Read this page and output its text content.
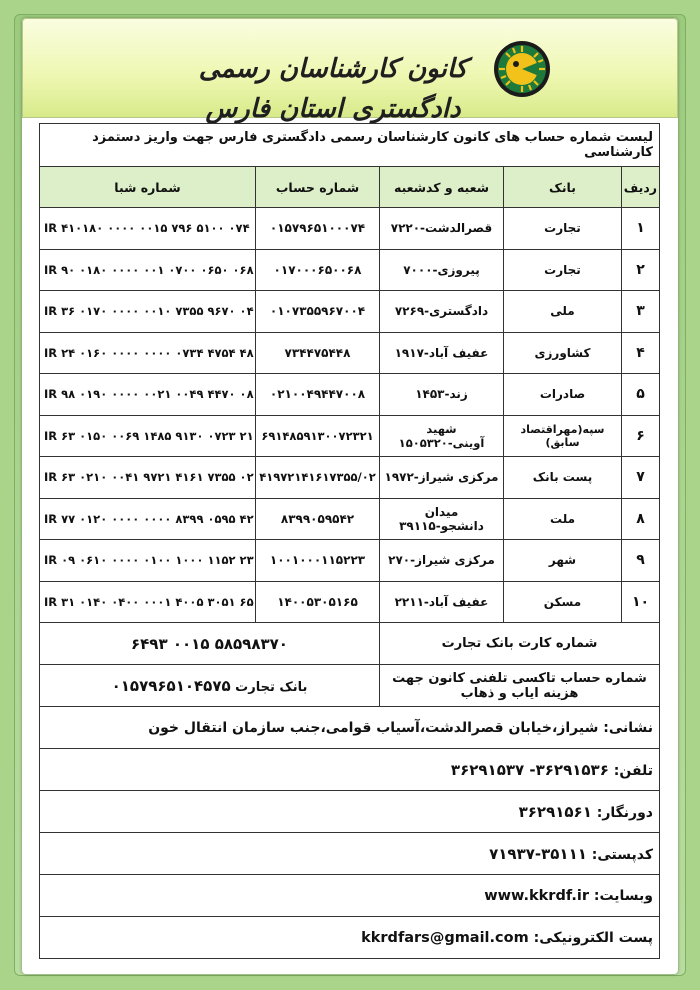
کانون کارشناسان رسمی دادگستری استان فارس
لیست شماره حساب های کانون کارشناسان رسمی دادگستری فارس جهت واریز دستمزد کارشناسی				
ردیف	بانک	شعبه و کدشعبه	شماره حساب	شماره شبا
۱	تجارت	قصرالدشت-۷۲۲۰	۰۱۵۷۹۶۵۱۰۰۰۷۴	IR ۴۱۰۱۸۰ ۰۰۰۰ ۰۰۱۵ ۷۹۶ ۵۱۰۰ ۰۷۴
۲	تجارت	پیروزی-۷۰۰۰	۰۱۷۰۰۰۶۵۰۰۶۸	IR ۹۰ ۰۱۸۰ ۰۰۰۰ ۰۰۱ ۰۷۰۰ ۰۶۵۰ ۰۶۸
۳	ملی	دادگستری-۷۲۶۹	۰۱۰۷۳۵۵۹۶۷۰۰۴	IR ۳۶ ۰۱۷۰ ۰۰۰۰ ۰۰۱۰ ۷۳۵۵ ۹۶۷۰ ۰۴
۴	کشاورزی	عفیف آباد-۱۹۱۷	۷۳۴۴۷۵۴۴۸	IR ۲۴ ۰۱۶۰ ۰۰۰۰ ۰۰۰۰ ۰۷۳۴ ۴۷۵۴ ۴۸
۵	صادرات	زند-۱۴۵۳	۰۲۱۰۰۴۹۴۴۷۰۰۸	IR ۹۸ ۰۱۹۰ ۰۰۰۰ ۰۰۲۱ ۰۰۴۹ ۴۴۷۰ ۰۸
۶	سپه(مهراقتصاد سابق)	شهید آوینی-۱۵۰۵۳۲۰	۶۹۱۴۸۵۹۱۳۰۰۷۲۳۲۱	IR ۶۳ ۰۱۵۰ ۰۰۶۹ ۱۴۸۵ ۹۱۳۰ ۰۷۲۳ ۲۱
۷	پست بانک	مرکزی شیراز-۱۹۷۲	۴۱۹۷۲۱۴۱۶۱۷۳۵۵/۰۲	IR ۶۳ ۰۲۱۰ ۰۰۴۱ ۹۷۲۱ ۴۱۶۱ ۷۳۵۵ ۰۲
۸	ملت	میدان دانشجو-۳۹۱۱۵	۸۳۹۹۰۵۹۵۴۲	IR ۷۷ ۰۱۲۰ ۰۰۰۰ ۰۰۰۰ ۸۳۹۹ ۰۵۹۵ ۴۲
۹	شهر	مرکزی شیراز-۲۷۰	۱۰۰۱۰۰۰۱۱۵۲۲۳	IR ۰۹ ۰۶۱۰ ۰۰۰۰ ۰۱۰۰ ۱۰۰۰ ۱۱۵۲ ۲۳
۱۰	مسکن	عفیف آباد-۲۲۱۱	۱۴۰۰۵۳۰۵۱۶۵	IR ۳۱ ۰۱۴۰ ۰۴۰۰ ۰۰۰۱ ۴۰۰۵ ۳۰۵۱ ۶۵
شماره کارت بانک تجارت			۵۸۵۹۸۳۷۰ ۰۰۱۵ ۶۴۹۳	
شماره حساب تاکسی تلفنی کانون جهت هزینه ایاب و ذهاب			بانک تجارت ۰۱۵۷۹۶۵۱۰۴۵۷۵	
نشانی: شیراز،خیابان قصرالدشت،آسیاب قوامی،جنب سازمان انتقال خون				
تلفن: ۳۶۲۹۱۵۳۶- ۳۶۲۹۱۵۳۷				
دورنگار: ۳۶۲۹۱۵۶۱				
کدپستی: ۳۵۱۱۱-۷۱۹۳۷				
وبسایت: www.kkrdf.ir				
پست الکترونیکی: kkrdfars@gmail.com				
